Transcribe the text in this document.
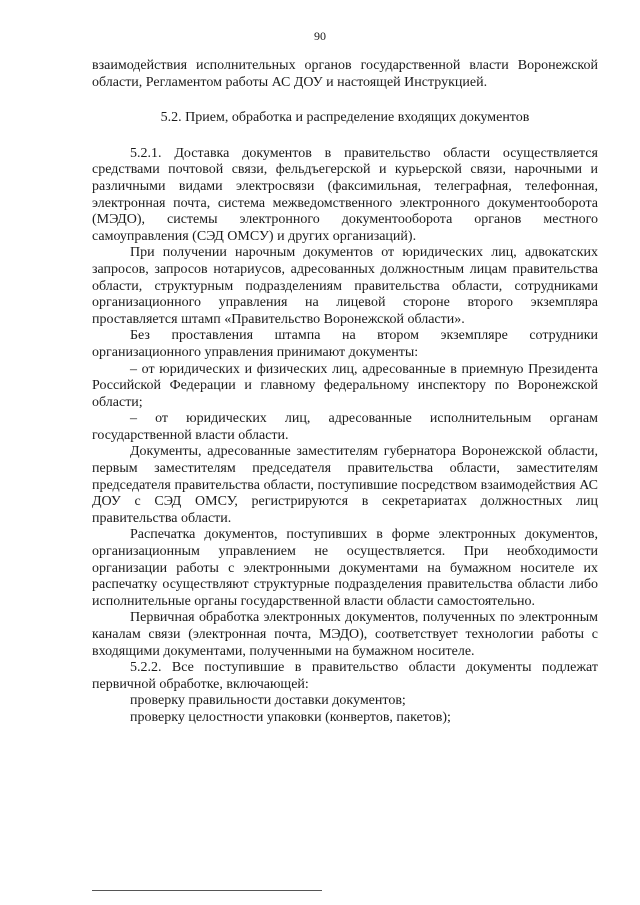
90

взаимодействия исполнительных органов государственной власти Воронежской области, Регламентом работы АС ДОУ и настоящей Инструкцией.

5.2. Прием, обработка и распределение входящих документов

5.2.1. Доставка документов в правительство области осуществляется средствами почтовой связи, фельдъегерской и курьерской связи, нарочными и различными видами электросвязи (факсимильная, телеграфная, телефонная, электронная почта, система межведомственного электронного документооборота (МЭДО), системы электронного документооборота органов местного самоуправления (СЭД ОМСУ) и других организаций).

При получении нарочным документов от юридических лиц, адвокатских запросов, запросов нотариусов, адресованных должностным лицам правительства области, структурным подразделениям правительства области, сотрудниками организационного управления на лицевой стороне второго экземпляра проставляется штамп «Правительство Воронежской области».

Без проставления штампа на втором экземпляре сотрудники организационного управления принимают документы:

– от юридических и физических лиц, адресованные в приемную Президента Российской Федерации и главному федеральному инспектору по Воронежской области;

– от юридических лиц, адресованные исполнительным органам государственной власти области.

Документы, адресованные заместителям губернатора Воронежской области, первым заместителям председателя правительства области, заместителям председателя правительства области, поступившие посредством взаимодействия АС ДОУ с СЭД ОМСУ, регистрируются в секретариатах должностных лиц правительства области.

Распечатка документов, поступивших в форме электронных документов, организационным управлением не осуществляется. При необходимости организации работы с электронными документами на бумажном носителе их распечатку осуществляют структурные подразделения правительства области либо исполнительные органы государственной власти области самостоятельно.

Первичная обработка электронных документов, полученных по электронным каналам связи (электронная почта, МЭДО), соответствует технологии работы с входящими документами, полученными на бумажном носителе.

5.2.2. Все поступившие в правительство области документы подлежат первичной обработке, включающей:

проверку правильности доставки документов;

проверку целостности упаковки (конвертов, пакетов);
